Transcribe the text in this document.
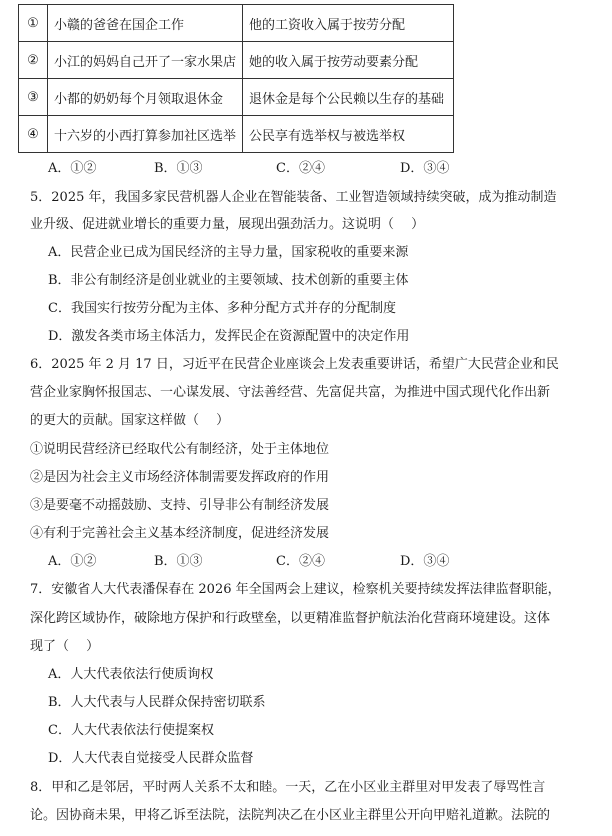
①	小赣的爸爸在国企工作	他的工资收入属于按劳分配
②	小江的妈妈自己开了一家水果店	她的收入属于按劳动要素分配
③	小都的奶奶每个月领取退休金	退休金是每个公民赖以生存的基础
④	十六岁的小西打算参加社区选举	公民享有选举权与被选举权
A．①②	B．①③	C．②④	D．③④
5．2025 年，我国多家民营机器人企业在智能装备、工业智造领域持续突破，成为推动制造
业升级、促进就业增长的重要力量，展现出强劲活力。这说明（　 ）
A．民营企业已成为国民经济的主导力量，国家税收的重要来源
B．非公有制经济是创业就业的主要领域、技术创新的重要主体
C．我国实行按劳分配为主体、多种分配方式并存的分配制度
D．激发各类市场主体活力，发挥民企在资源配置中的决定作用
6．2025 年 2 月 17 日，习近平在民营企业座谈会上发表重要讲话，希望广大民营企业和民
营企业家胸怀报国志、一心谋发展、守法善经营、先富促共富，为推进中国式现代化作出新
的更大的贡献。国家这样做（　 ）
①说明民营经济已经取代公有制经济，处于主体地位
②是因为社会主义市场经济体制需要发挥政府的作用
③是要毫不动摇鼓励、支持、引导非公有制经济发展
④有利于完善社会主义基本经济制度，促进经济发展
A．①②	B．①③	C．②④	D．③④
7．安徽省人大代表潘保春在 2026 年全国两会上建议，检察机关要持续发挥法律监督职能，
深化跨区域协作，破除地方保护和行政壁垒，以更精准监督护航法治化营商环境建设。这体
现了（　 ）
A．人大代表依法行使质询权
B．人大代表与人民群众保持密切联系
C．人大代表依法行使提案权
D．人大代表自觉接受人民群众监督
8．甲和乙是邻居，平时两人关系不太和睦。一天，乙在小区业主群里对甲发表了辱骂性言
论。因协商未果，甲将乙诉至法院，法院判决乙在小区业主群里公开向甲赔礼道歉。法院的
